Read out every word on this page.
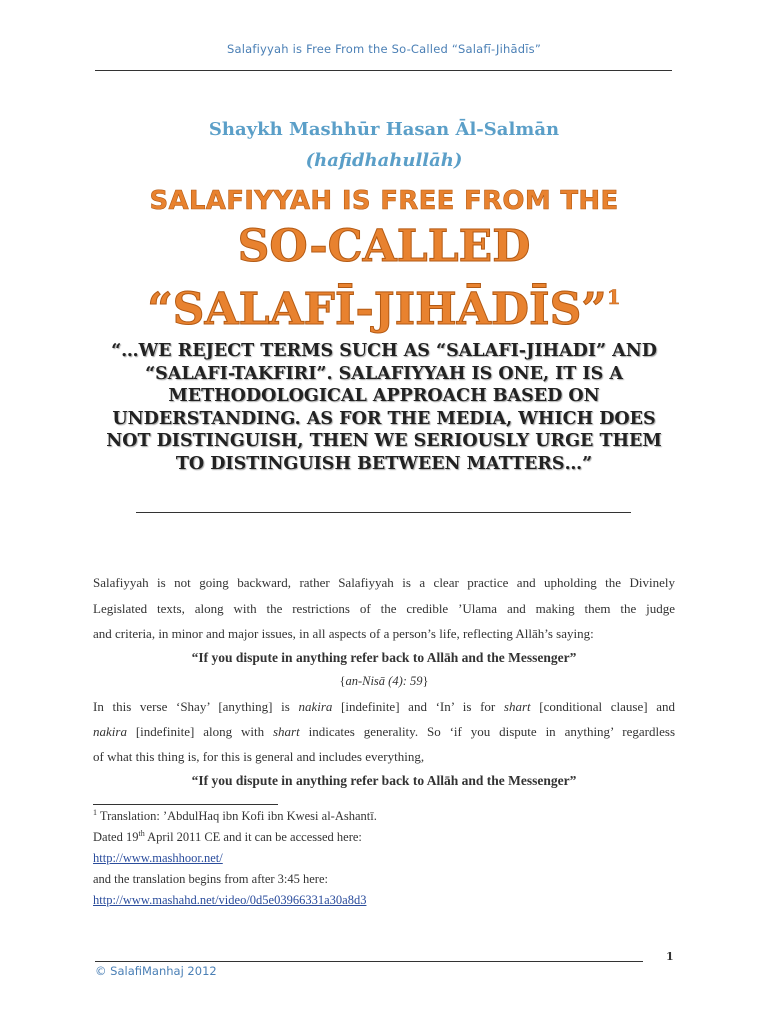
Salafiyyah is Free From the So-Called “Salafī-Jihādīs”
Shaykh Mashhūr Hasan Āl-Salmān
(hafidhahullāh)
SALAFIYYAH IS FREE FROM THE
SO-CALLED
“SALAFĪ-JIHĀDĪS”$^1$
“…WE REJECT TERMS SUCH AS “SALAFI-JIHADI” AND “SALAFI-TAKFIRI”. SALAFIYYAH IS ONE, IT IS A METHODOLOGICAL APPROACH BASED ON UNDERSTANDING. AS FOR THE MEDIA, WHICH DOES NOT DISTINGUISH, THEN WE SERIOUSLY URGE THEM TO DISTINGUISH BETWEEN MATTERS…”
Salafiyyah is not going backward, rather Salafiyyah is a clear practice and upholding the Divinely
Legislated texts, along with the restrictions of the credible ’Ulama and making them the judge
and criteria, in minor and major issues, in all aspects of a person’s life, reflecting Allāh’s saying:
“If you dispute in anything refer back to Allāh and the Messenger”
{an-Nisā (4): 59}
In this verse ‘Shay’ [anything] is nakira [indefinite] and ‘In’ is for shart [conditional clause] and
nakira [indefinite] along with shart indicates generality. So ‘if you dispute in anything’ regardless
of what this thing is, for this is general and includes everything,
“If you dispute in anything refer back to Allāh and the Messenger”
$^1$ Translation: ’AbdulHaq ibn Kofi ibn Kwesi al-Ashantī.
Dated 19th April 2011 CE and it can be accessed here:
http://www.mashhoor.net/
and the translation begins from after 3:45 here:
http://www.mashahd.net/video/0d5e0396633​1a30a8d3
1
© SalafiManhaj 2012
